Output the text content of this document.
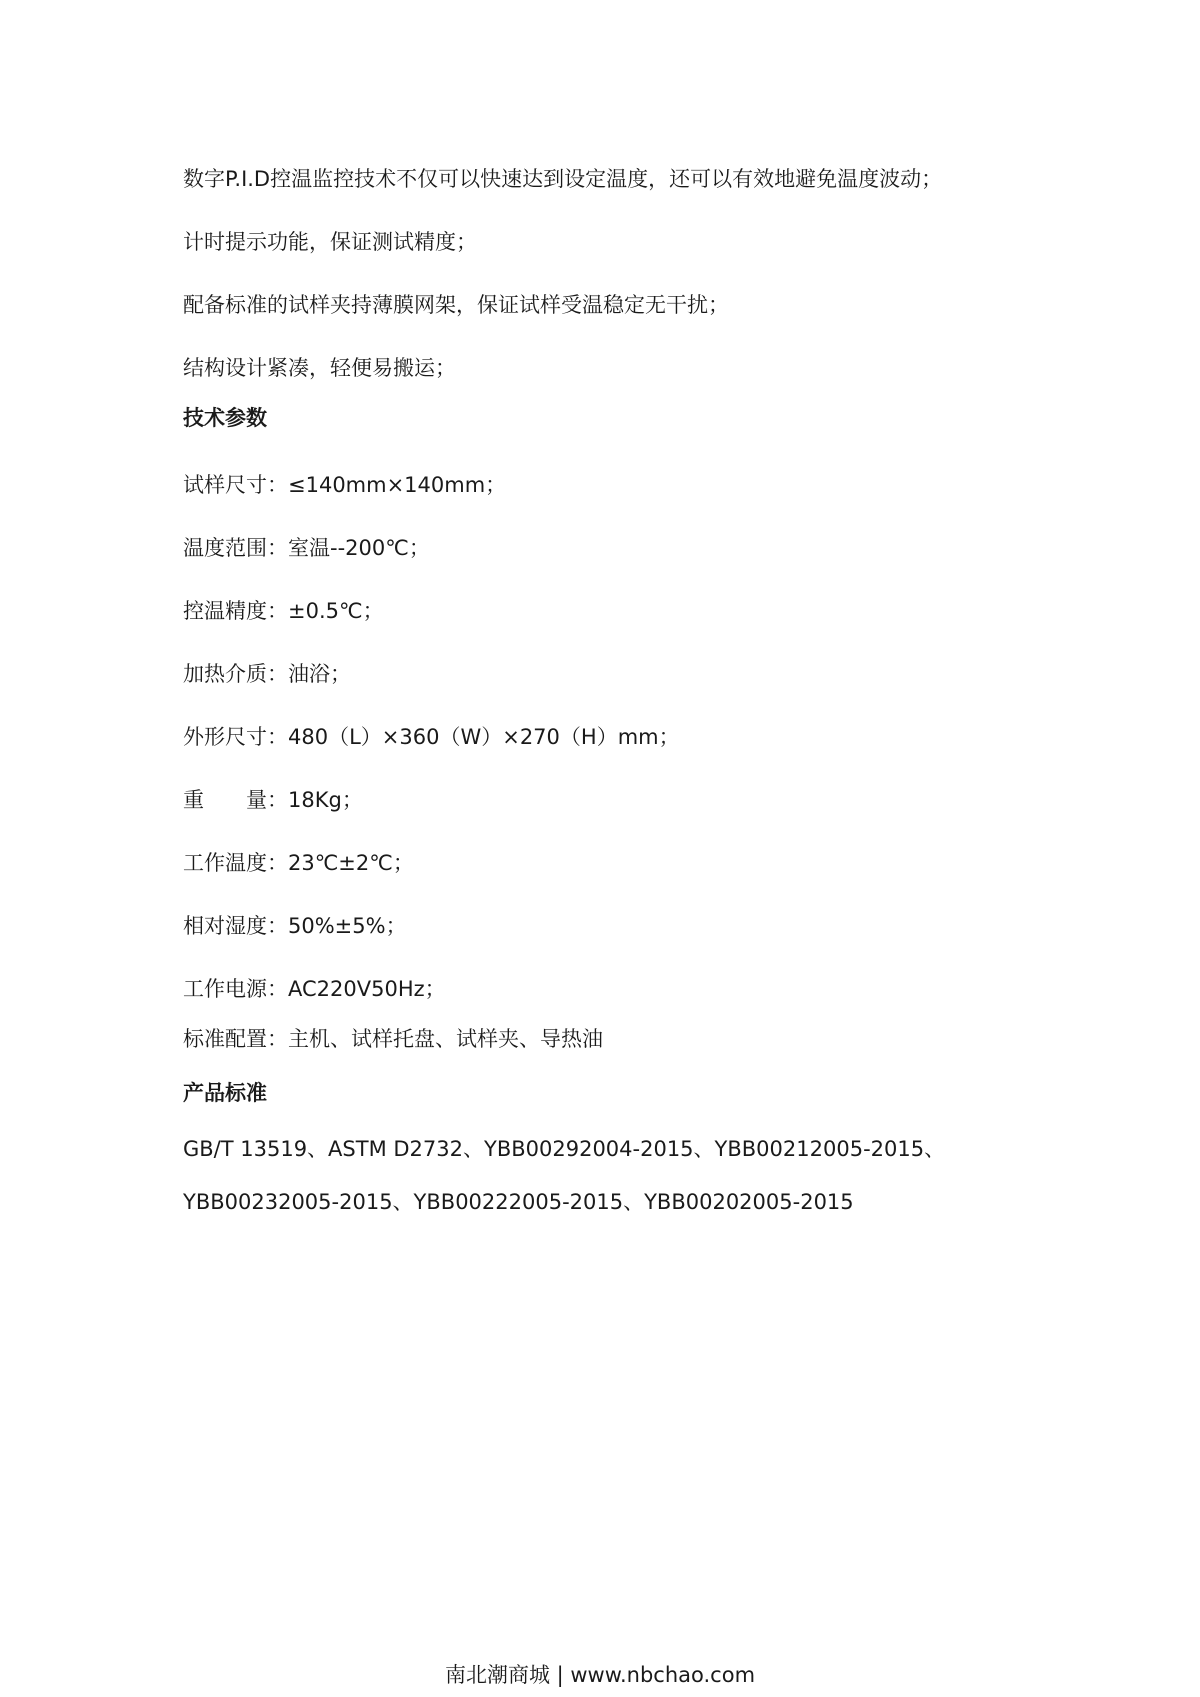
数字P.I.D控温监控技术不仅可以快速达到设定温度，还可以有效地避免温度波动；
计时提示功能，保证测试精度；
配备标准的试样夹持薄膜网架，保证试样受温稳定无干扰；
结构设计紧凑，轻便易搬运；
技术参数
试样尺寸：≤140mm×140mm；
温度范围：室温--200℃；
控温精度：±0.5℃；
加热介质：油浴；
外形尺寸：480（L）×360（W）×270（H）mm；
重　　量：18Kg；
工作温度：23℃±2℃；
相对湿度：50%±5%；
工作电源：AC220V50Hz；
标准配置：主机、试样托盘、试样夹、导热油
产品标准
GB/T 13519、ASTM D2732、YBB00292004-2015、YBB00212005-2015、
YBB00232005-2015、YBB00222005-2015、YBB00202005-2015
南北潮商城 | www.nbchao.com
